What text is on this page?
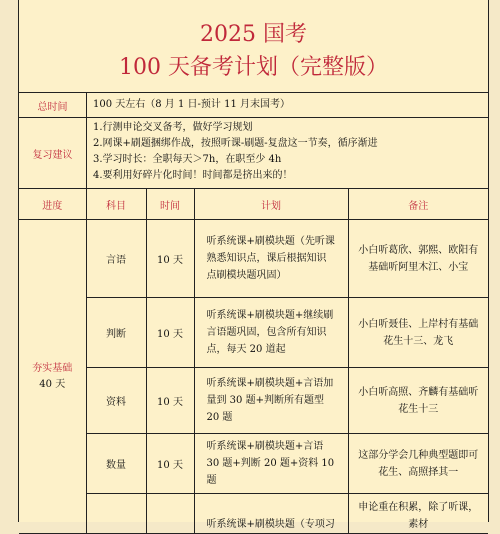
2025 国考
100 天备考计划（完整版）
总时间	100 天左右（8 月 1 日-预计 11 月末国考）
复习建议
1.行测申论交叉备考，做好学习规划
2.网课+刷题捆绑作战，按照听课-刷题-复盘这一节奏，循序渐进
3.学习时长：全职每天＞7h，在职至少 4h
4.要利用好碎片化时间！时间都是挤出来的！
进度	科目	时间	计划	备注

夯实基础
40 天	言语	10 天	听系统课+刷模块题（先听课熟悉知识点，课后根据知识点刷模块题巩固）	小白听葛欣、郭熙、欧阳有基础听阿里木江、小宝
	判断	10 天	听系统课+刷模块题+继续刷言语题巩固，包含所有知识点，每天 20 道起	小白听聂佳、上岸村有基础花生十三、龙飞
	资料	10 天	听系统课+刷模块题+言语加量到 30 题+判断所有题型 20 题	小白听高照、齐麟有基础听花生十三
	数量	10 天	听系统课+刷模块题+言语 30 题+判断 20 题+资料 10 题	这部分学会几种典型题即可花生、高照择其一
			听系统课+刷模块题（专项习	申论重在积累，除了听课，素材
